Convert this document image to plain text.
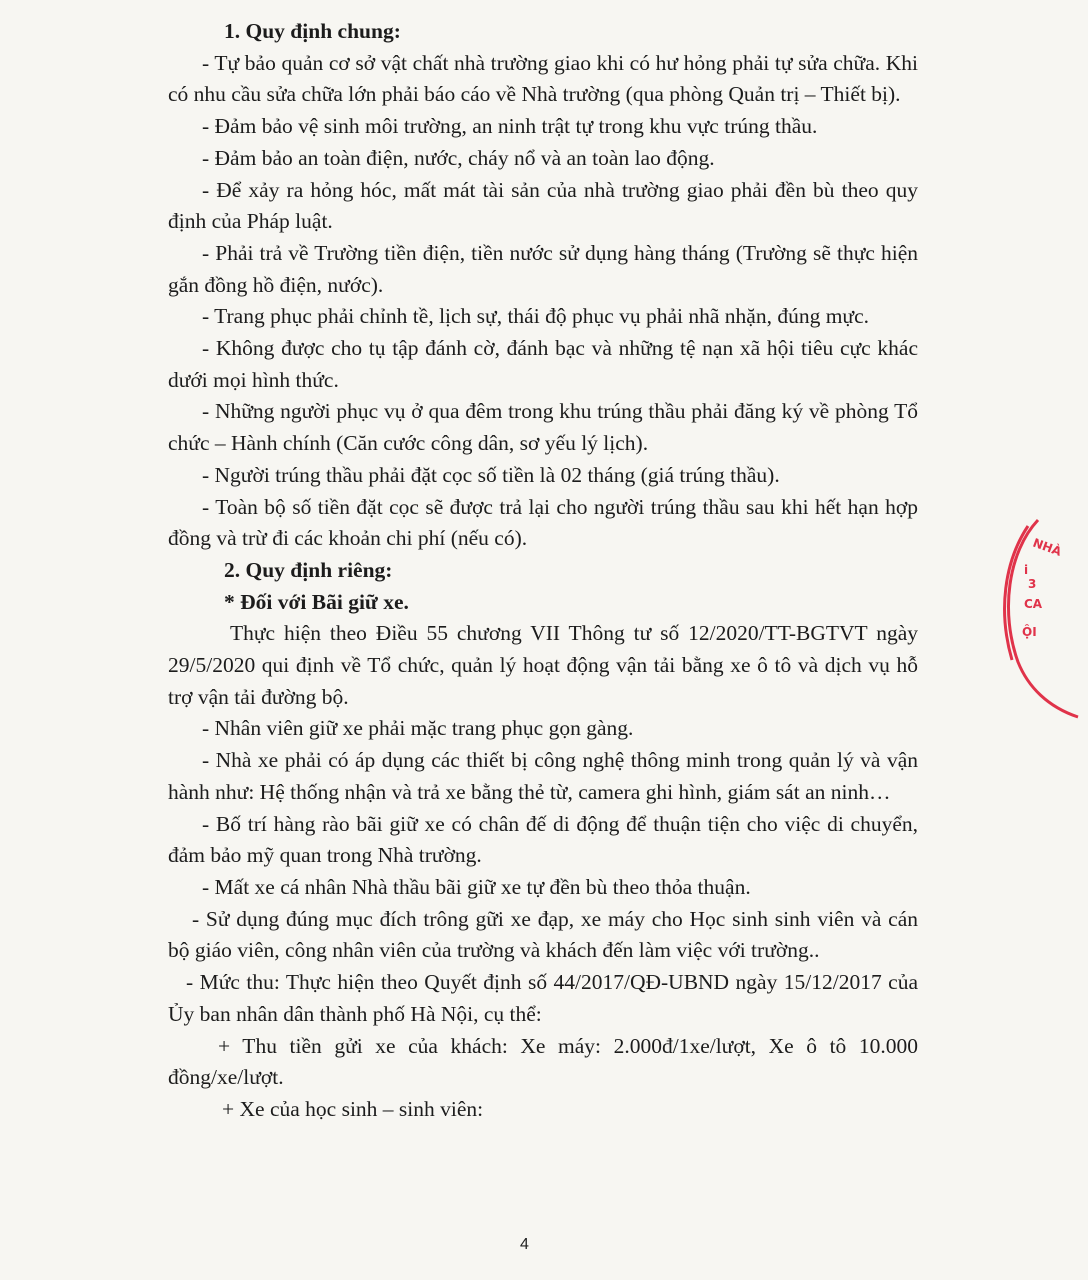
1. Quy định chung:

- Tự bảo quản cơ sở vật chất nhà trường giao khi có hư hỏng phải tự sửa chữa. Khi có nhu cầu sửa chữa lớn phải báo cáo về Nhà trường (qua phòng Quản trị – Thiết bị).

- Đảm bảo vệ sinh môi trường, an ninh trật tự trong khu vực trúng thầu.

- Đảm bảo an toàn điện, nước, cháy nổ và an toàn lao động.

- Để xảy ra hỏng hóc, mất mát tài sản của nhà trường giao phải đền bù theo quy định của Pháp luật.

- Phải trả về Trường tiền điện, tiền nước sử dụng hàng tháng (Trường sẽ thực hiện gắn đồng hồ điện, nước).

- Trang phục phải chỉnh tề, lịch sự, thái độ phục vụ phải nhã nhặn, đúng mực.

- Không được cho tụ tập đánh cờ, đánh bạc và những tệ nạn xã hội tiêu cực khác dưới mọi hình thức.

- Những người phục vụ ở qua đêm trong khu trúng thầu phải đăng ký về phòng Tổ chức – Hành chính (Căn cước công dân, sơ yếu lý lịch).

- Người trúng thầu phải đặt cọc số tiền là 02 tháng (giá trúng thầu).

- Toàn bộ số tiền đặt cọc sẽ được trả lại cho người trúng thầu sau khi hết hạn hợp đồng và trừ đi các khoản chi phí (nếu có).

2. Quy định riêng:

* Đối với Bãi giữ xe.

Thực hiện theo Điều 55 chương VII Thông tư số 12/2020/TT-BGTVT ngày 29/5/2020 qui định về Tổ chức, quản lý hoạt động vận tải bằng xe ô tô và dịch vụ hỗ trợ vận tải đường bộ.

- Nhân viên giữ xe phải mặc trang phục gọn gàng.

- Nhà xe phải có áp dụng các thiết bị công nghệ thông minh trong quản lý và vận hành như: Hệ thống nhận và trả xe bằng thẻ từ, camera ghi hình, giám sát an ninh…

- Bố trí hàng rào bãi giữ xe có chân đế di động để thuận tiện cho việc di chuyển, đảm bảo mỹ quan trong Nhà trường.

- Mất xe cá nhân Nhà thầu bãi giữ xe tự đền bù theo thỏa thuận.

- Sử dụng đúng mục đích trông gữi xe đạp, xe máy cho Học sinh sinh viên và cán bộ giáo viên, công nhân viên của trường và khách đến làm việc với trường..

- Mức thu: Thực hiện theo Quyết định số 44/2017/QĐ-UBND ngày 15/12/2017 của Ủy ban nhân dân thành phố Hà Nội, cụ thể:

+ Thu tiền gửi xe của khách: Xe máy: 2.000đ/1xe/lượt, Xe ô tô 10.000 đồng/xe/lượt.

+ Xe của học sinh – sinh viên:

4
NHÀ
i
3
CA
ỘI
